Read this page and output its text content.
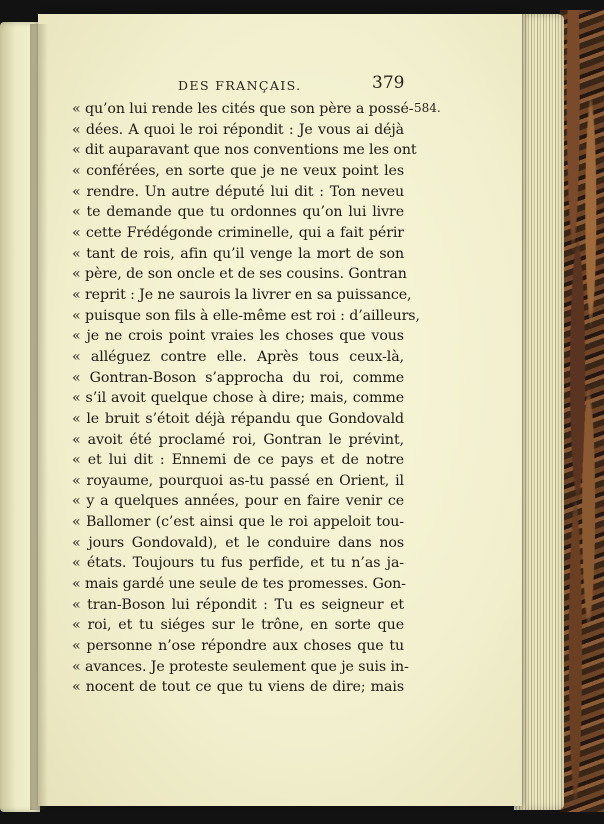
DES FRANÇAIS.	379
584.
« qu’on lui rende les cités que son père a possé-
« dées. A quoi le roi répondit : Je vous ai déjà
« dit auparavant que nos conventions me les ont
« conférées, en sorte que je ne veux point les
« rendre. Un autre député lui dit : Ton neveu
« te demande que tu ordonnes qu’on lui livre
« cette Frédégonde criminelle, qui a fait périr
« tant de rois, afin qu’il venge la mort de son
« père, de son oncle et de ses cousins. Gontran
« reprit : Je ne saurois la livrer en sa puissance,
« puisque son fils à elle-même est roi : d’ailleurs,
« je ne crois point vraies les choses que vous
« alléguez contre elle. Après tous ceux-là,
« Gontran-Boson s’approcha du roi, comme
« s’il avoit quelque chose à dire; mais, comme
« le bruit s’étoit déjà répandu que Gondovald
« avoit été proclamé roi, Gontran le prévint,
« et lui dit : Ennemi de ce pays et de notre
« royaume, pourquoi as-tu passé en Orient, il
« y a quelques années, pour en faire venir ce
« Ballomer (c’est ainsi que le roi appeloit tou-
« jours Gondovald), et le conduire dans nos
« états. Toujours tu fus perfide, et tu n’as ja-
« mais gardé une seule de tes promesses. Gon-
« tran-Boson lui répondit : Tu es seigneur et
« roi, et tu siéges sur le trône, en sorte que
« personne n’ose répondre aux choses que tu
« avances. Je proteste seulement que je suis in-
« nocent de tout ce que tu viens de dire; mais
